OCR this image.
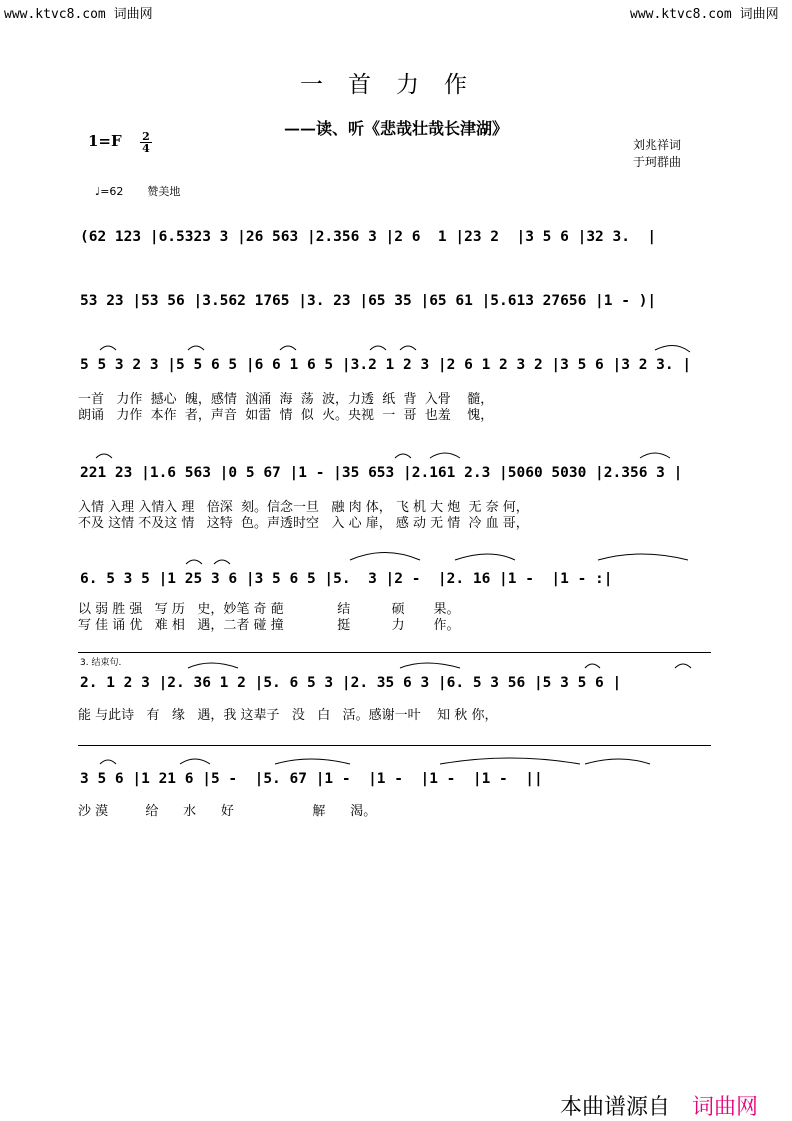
www.ktvc8.com 词曲网	www.ktvc8.com 词曲网
一首力作
——读、听《悲哉壮哉长津湖》
刘兆祥词
于珂群曲
1=F 2
4
♩=62 赞美地
(62 123 |6.5323 3 |26 563 |2.356 3 |2 6  1 |23 2  |3 5 6 |32 3.  |
53 23 |53 56 |3.562 1765 |3. 23 |65 35 |65 61 |5.613 27656 |1 - )|
5 5 3 2 3 |5 5 6 5 |6 6 1 6 5 |3.2 1 2 3 |2 6 1 2 3 2 |3 5 6 |3 2 3. |
一首   力作  撼心  魄，感情  汹涌  海  荡  波，力透  纸  背  入骨    髓，
朗诵   力作  本作  者，声音  如雷  情  似  火。央视  一  哥  也羞    愧，
221 23 |1.6 563 |0 5 67 |1 - |35 653 |2.161 2.3 |5060 5030 |2.356 3 |
入情 入理 入情入 理   倍深  刻。信念一旦   融 肉 体， 飞 机 大 炮  无 奈 何，
不及 这情 不及这 情   这特  色。声透时空   入 心 扉， 感 动 无 情  冷 血 哥，
6. 5 3 5 |1 25 3 6 |3 5 6 5 |5.  3 |2 -  |2. 16 |1 -  |1 - :|
以 弱 胜 强   写 历   史，妙笔 奇 葩             结          硕       果。
写 佳 诵 优   难 相   遇，二者 碰 撞             挺          力       作。
3. 结束句.
2. 1 2 3 |2. 36 1 2 |5. 6 5 3 |2. 35 6 3 |6. 5 3 56 |5 3 5 6 |
能 与此诗   有   缘   遇，我 这辈子   没   白   活。感谢一叶    知 秋 你，
3 5 6 |1 21 6 |5 -  |5. 67 |1 -  |1 -  |1 -  |1 -  ||
沙 漠         给      水      好                   解      渴。
本曲谱源自 词曲网
